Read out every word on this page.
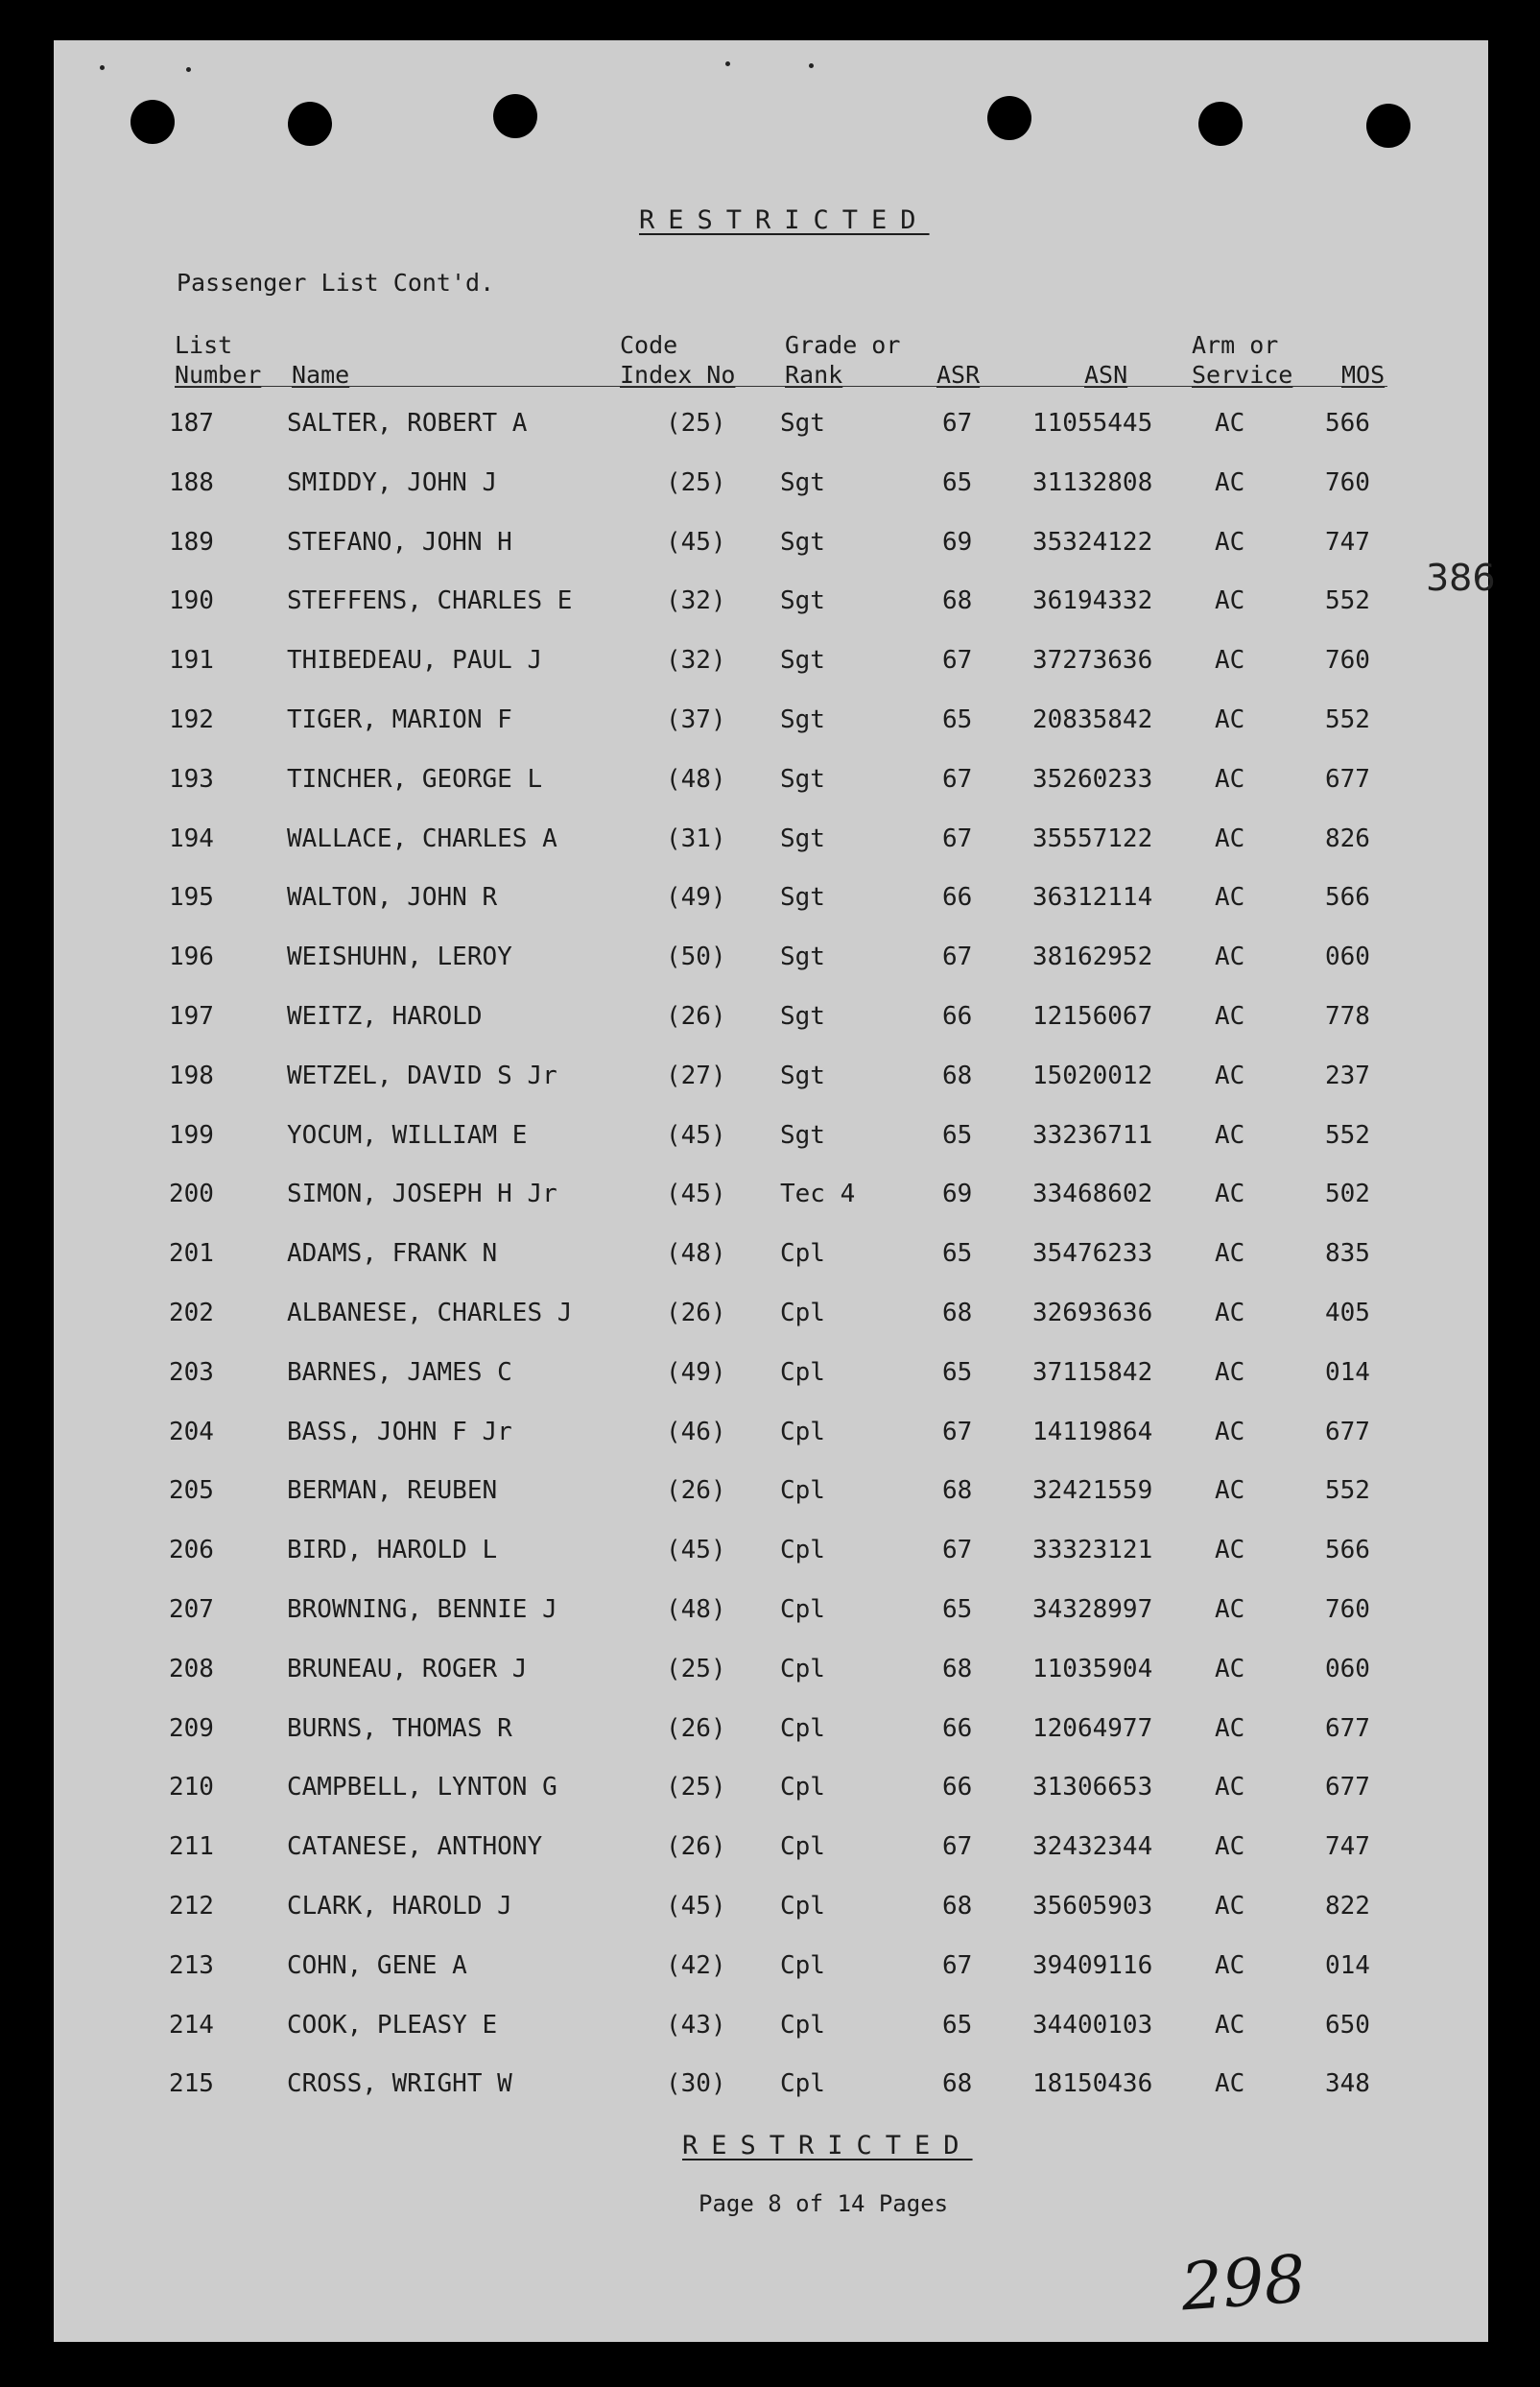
RESTRICTED
Passenger List Cont'd.
386
List
Number Name
Code
Index No
Grade or
Rank	ASR	ASN
Arm or
Service MOS
187	SALTER, ROBERT A	(25) Sgt	67 11055445 AC	566
188	SMIDDY, JOHN J	(25) Sgt	65 31132808 AC	760
189	STEFANO, JOHN H	(45) Sgt	69 35324122 AC	747
190	STEFFENS, CHARLES E	(32) Sgt	68 36194332 AC	552
191	THIBEDEAU, PAUL J	(32) Sgt	67 37273636 AC	760
192	TIGER, MARION F	(37) Sgt	65 20835842 AC	552
193	TINCHER, GEORGE L	(48) Sgt	67 35260233 AC	677
194	WALLACE, CHARLES A	(31) Sgt	67 35557122 AC	826
195	WALTON, JOHN R	(49) Sgt	66 36312114 AC	566
196	WEISHUHN, LEROY	(50) Sgt	67 38162952 AC	060
197	WEITZ, HAROLD	(26) Sgt	66 12156067 AC	778
198	WETZEL, DAVID S Jr	(27) Sgt	68 15020012 AC	237
199	YOCUM, WILLIAM E	(45) Sgt	65 33236711 AC	552
200	SIMON, JOSEPH H Jr	(45) Tec 4	69 33468602 AC	502
201	ADAMS, FRANK N	(48) Cpl	65 35476233 AC	835
202	ALBANESE, CHARLES J	(26) Cpl	68 32693636 AC	405
203	BARNES, JAMES C	(49) Cpl	65 37115842 AC	014
204	BASS, JOHN F Jr	(46) Cpl	67 14119864 AC	677
205	BERMAN, REUBEN	(26) Cpl	68 32421559 AC	552
206	BIRD, HAROLD L	(45) Cpl	67 33323121 AC	566
207	BROWNING, BENNIE J	(48) Cpl	65 34328997 AC	760
208	BRUNEAU, ROGER J	(25) Cpl	68 11035904 AC	060
209	BURNS, THOMAS R	(26) Cpl	66 12064977 AC	677
210	CAMPBELL, LYNTON G	(25) Cpl	66 31306653 AC	677
211	CATANESE, ANTHONY	(26) Cpl	67 32432344 AC	747
212	CLARK, HAROLD J	(45) Cpl	68 35605903 AC	822
213	COHN, GENE A	(42) Cpl	67 39409116 AC	014
214	COOK, PLEASY E	(43) Cpl	65 34400103 AC	650
215	CROSS, WRIGHT W	(30) Cpl	68 18150436 AC	348
RESTRICTED
Page 8 of 14 Pages
298
